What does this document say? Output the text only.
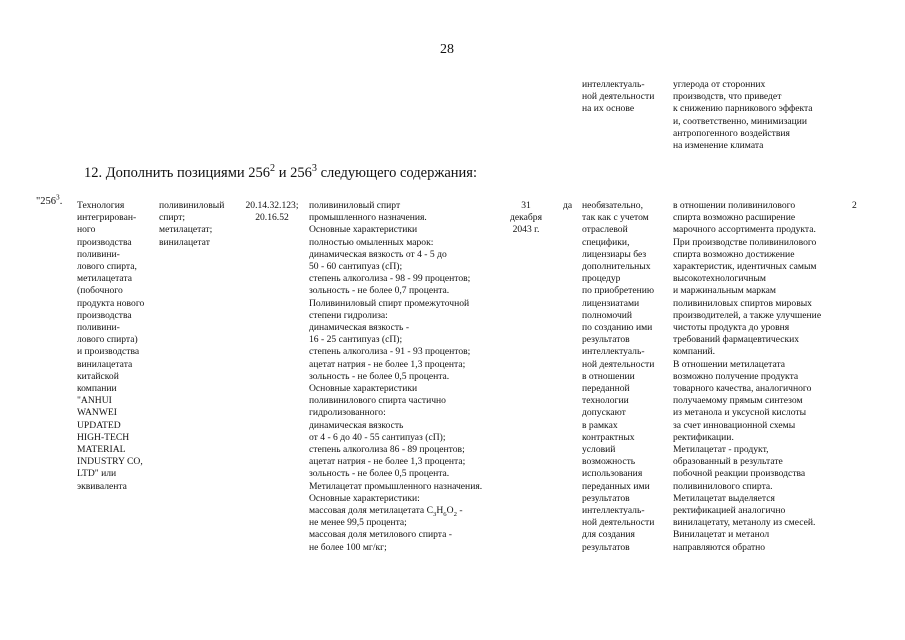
28
интеллектуаль-
ной деятельности
на их основе
углерода от сторонних
производств, что приведет
к снижению парникового эффекта
и, соответственно, минимизации
антропогенного воздействия
на изменение климата
12. Дополнить позициями $256^2$ и $256^3$ следующего содержания:
"$256^3$. Технология
интегрирован-
ного
производства
поливини-
лового спирта,
метилацетата
(побочного
продукта нового
производства
поливини-
лового спирта)
и производства
винилацетата
китайской
компании
"ANHUI
WANWEI
UPDATED
HIGH-TECH
MATERIAL
INDUSTRY CO,
LTD" или
эквивалента
поливиниловый
спирт;
метилацетат;
винилацетат
20.14.32.123;
20.16.52
поливиниловый спирт
промышленного назначения.
Основные характеристики
полностью омыленных марок:
динамическая вязкость от 4 - 5 до
50 - 60 сантипуаз (сП);
степень алкоголиза - 98 - 99 процентов;
зольность - не более 0,7 процента.
Поливиниловый спирт промежуточной
степени гидролиза:
динамическая вязкость -
16 - 25 сантипуаз (сП);
степень алкоголиза - 91 - 93 процентов;
ацетат натрия - не более 1,3 процента;
зольность - не более 0,5 процента.
Основные характеристики
поливинилового спирта частично
гидролизованного:
динамическая вязкость
от 4 - 6 до 40 - 55 сантипуаз (сП);
степень алкоголиза 86 - 89 процентов;
ацетат натрия - не более 1,3 процента;
зольность - не более 0,5 процента.
Метилацетат промышленного назначения.
Основные характеристики:
массовая доля метилацетата $C_3H_6O_2$ -
не менее 99,5 процента;
массовая доля метилового спирта -
не более 100 мг/кг;
31
декабря
2043 г.
да необязательно,
так как с учетом
отраслевой
специфики,
лицензиары без
дополнительных
процедур
по приобретению
лицензиатами
полномочий
по созданию ими
результатов
интеллектуаль-
ной деятельности
в отношении
переданной
технологии
допускают
в рамках
контрактных
условий
возможность
использования
переданных ими
результатов
интеллектуаль-
ной деятельности
для создания
результатов
в отношении поливинилового
спирта возможно расширение
марочного ассортимента продукта.
При производстве поливинилового
спирта возможно достижение
характеристик, идентичных самым
высокотехнологичным
и маржинальным маркам
поливиниловых спиртов мировых
производителей, а также улучшение
чистоты продукта до уровня
требований фармацевтических
компаний.
В отношении метилацетата
возможно получение продукта
товарного качества, аналогичного
получаемому прямым синтезом
из метанола и уксусной кислоты
за счет инновационной схемы
ректификации.
Метилацетат - продукт,
образованный в результате
побочной реакции производства
поливинилового спирта.
Метилацетат выделяется
ректификацией аналогично
винилацетату, метанолу из смесей.
Винилацетат и метанол
направляются обратно
2
